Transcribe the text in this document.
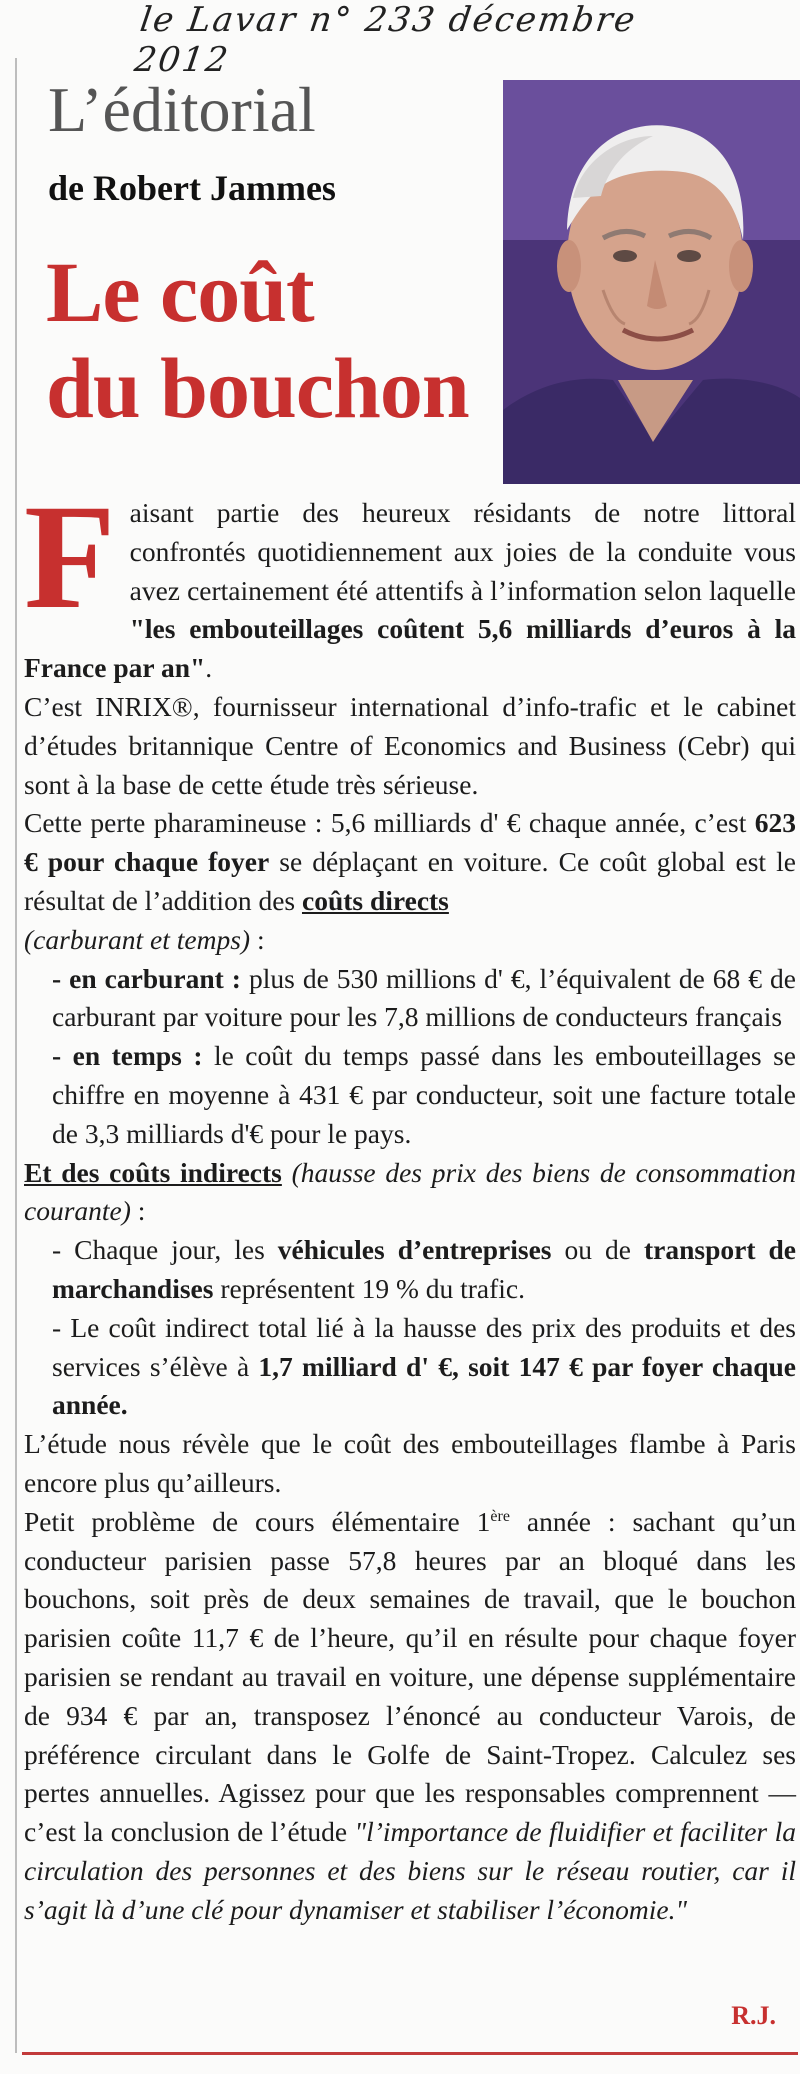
le Lavar n° 233 décembre 2012
L’éditorial

de Robert Jammes

Le coût
du bouchon

Faisant partie des heureux résidants de notre littoral confrontés quotidiennement aux joies de la conduite vous avez certainement été attentifs à l’information selon laquelle "les embouteillages coûtent 5,6 milliards d’euros à la France par an".

C’est INRIX®, fournisseur international d’info-trafic et le cabinet d’études britannique Centre of Economics and Business (Cebr) qui sont à la base de cette étude très sérieuse.

Cette perte pharamineuse : 5,6 milliards d' € chaque année, c’est 623 € pour chaque foyer se déplaçant en voiture. Ce coût global est le résultat de l’addition des coûts directs
(carburant et temps) :

- en carburant : plus de 530 millions d' €, l’équivalent de 68 € de carburant par voiture pour les 7,8 millions de conducteurs français

- en temps : le coût du temps passé dans les embouteillages se chiffre en moyenne à 431 € par conducteur, soit une facture totale de 3,3 milliards d'€ pour le pays.

Et des coûts indirects (hausse des prix des biens de consommation courante) :

- Chaque jour, les véhicules d’entreprises ou de transport de marchandises représentent 19 % du trafic.

- Le coût indirect total lié à la hausse des prix des produits et des services s’élève à 1,7 milliard d' €, soit 147 € par foyer chaque année.

L’étude nous révèle que le coût des embouteillages flambe à Paris encore plus qu’ailleurs.

Petit problème de cours élémentaire 1ère année : sachant qu’un conducteur parisien passe 57,8 heures par an bloqué dans les bouchons, soit près de deux semaines de travail, que le bouchon parisien coûte 11,7 € de l’heure, qu’il en résulte pour chaque foyer parisien se rendant au travail en voiture, une dépense supplémentaire de 934 € par an, transposez l’énoncé au conducteur Varois, de préférence circulant dans le Golfe de Saint-Tropez. Calculez ses pertes annuelles. Agissez pour que les responsables comprennent — c’est la conclusion de l’étude "l’importance de fluidifier et faciliter la circulation des personnes et des biens sur le réseau routier, car il s’agit là d’une clé pour dynamiser et stabiliser l’économie."

R.J.
